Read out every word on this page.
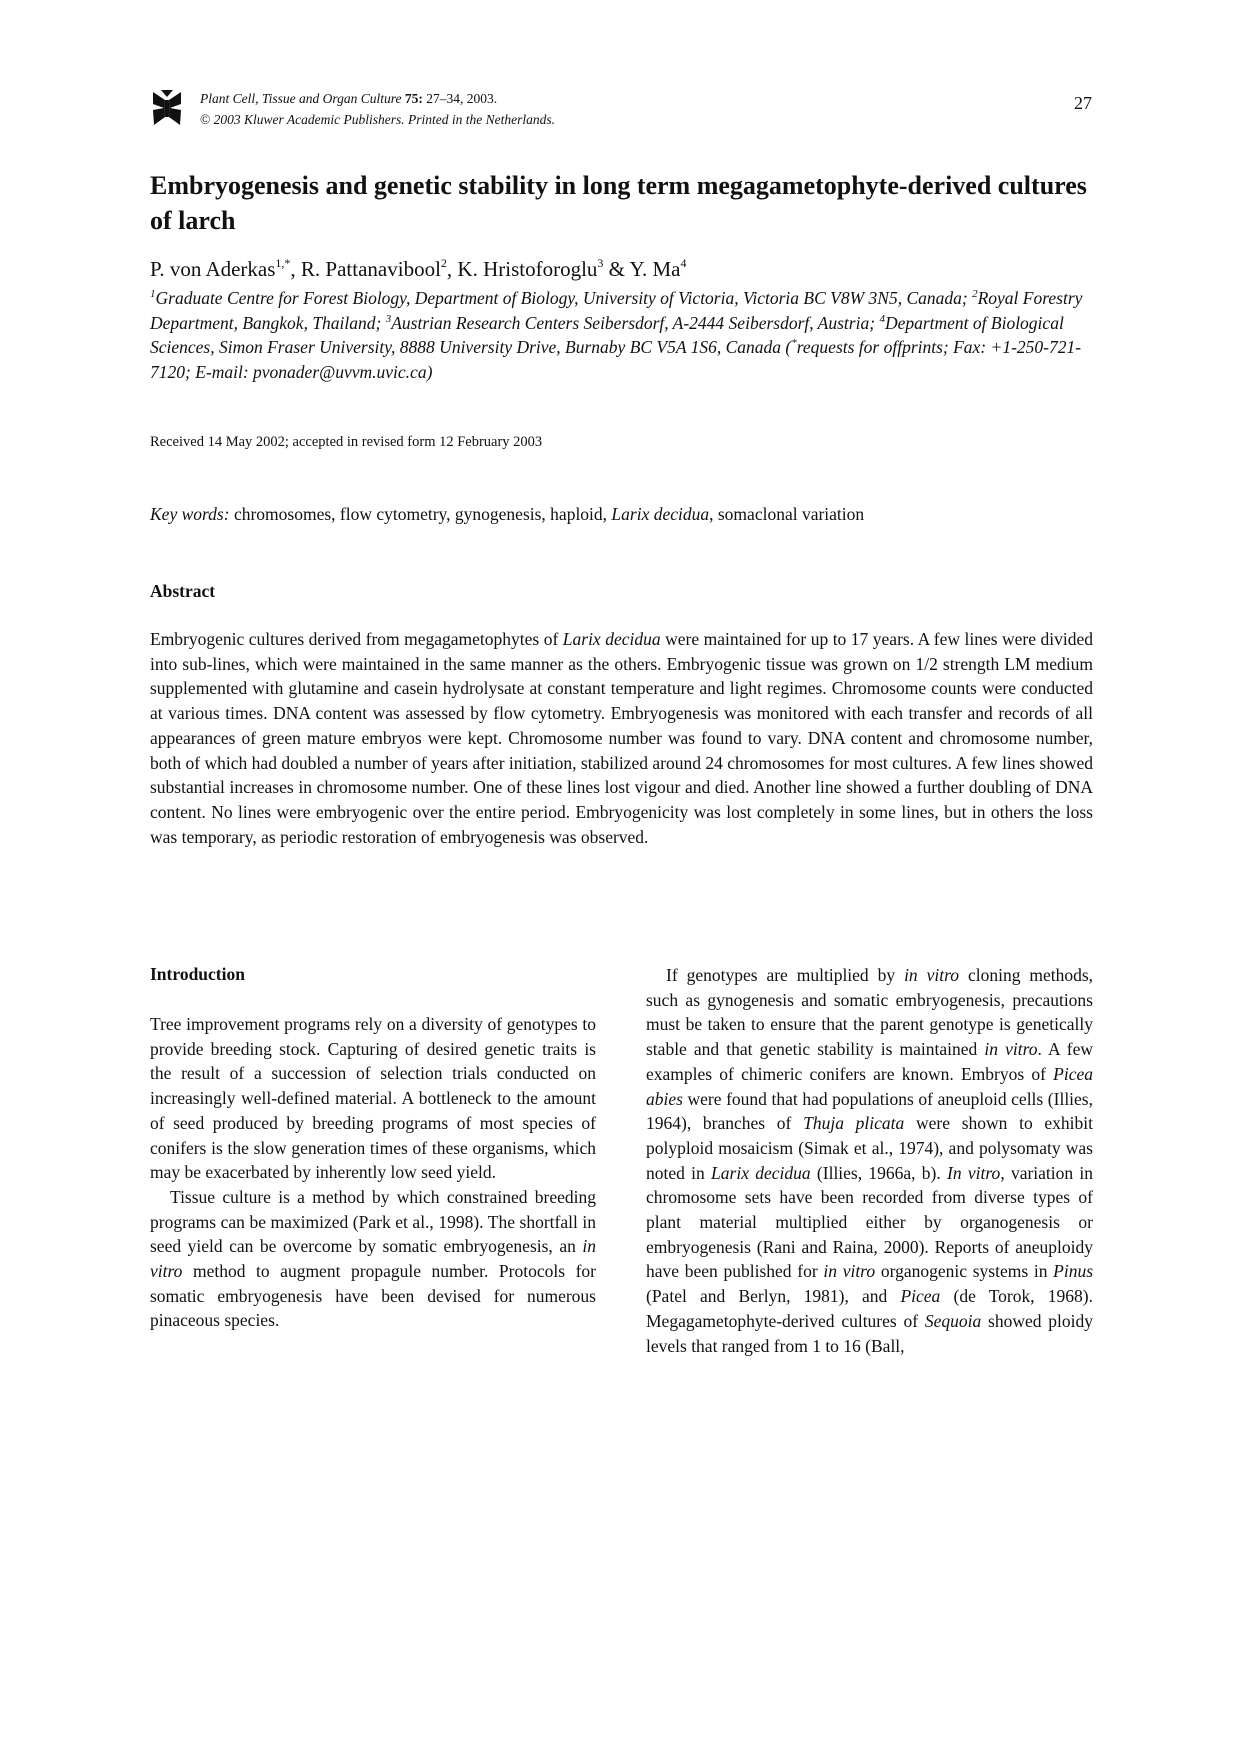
Plant Cell, Tissue and Organ Culture 75: 27–34, 2003.
© 2003 Kluwer Academic Publishers. Printed in the Netherlands.
27
Embryogenesis and genetic stability in long term megagametophyte-derived cultures of larch
P. von Aderkas$^{1,*}$, R. Pattanavibool$^2$, K. Hristoforoglu$^3$ & Y. Ma$^4$
$^1$Graduate Centre for Forest Biology, Department of Biology, University of Victoria, Victoria BC V8W 3N5, Canada; $^2$Royal Forestry Department, Bangkok, Thailand; $^3$Austrian Research Centers Seibersdorf, A-2444 Seibersdorf, Austria; $^4$Department of Biological Sciences, Simon Fraser University, 8888 University Drive, Burnaby BC V5A 1S6, Canada (*requests for offprints; Fax: +1-250-721-7120; E-mail: pvonader@uvvm.uvic.ca)
Received 14 May 2002; accepted in revised form 12 February 2003
Key words: chromosomes, flow cytometry, gynogenesis, haploid, Larix decidua, somaclonal variation
Abstract
Embryogenic cultures derived from megagametophytes of Larix decidua were maintained for up to 17 years. A few lines were divided into sub-lines, which were maintained in the same manner as the others. Embryogenic tissue was grown on 1/2 strength LM medium supplemented with glutamine and casein hydrolysate at constant temperature and light regimes. Chromosome counts were conducted at various times. DNA content was assessed by flow cytometry. Embryogenesis was monitored with each transfer and records of all appearances of green mature embryos were kept. Chromosome number was found to vary. DNA content and chromosome number, both of which had doubled a number of years after initiation, stabilized around 24 chromosomes for most cultures. A few lines showed substantial increases in chromosome number. One of these lines lost vigour and died. Another line showed a further doubling of DNA content. No lines were embryogenic over the entire period. Embryogenicity was lost completely in some lines, but in others the loss was temporary, as periodic restoration of embryogenesis was observed.
Introduction

Tree improvement programs rely on a diversity of genotypes to provide breeding stock. Capturing of desired genetic traits is the result of a succession of selection trials conducted on increasingly well-defined material. A bottleneck to the amount of seed produced by breeding programs of most species of conifers is the slow generation times of these organisms, which may be exacerbated by inherently low seed yield.

Tissue culture is a method by which constrained breeding programs can be maximized (Park et al., 1998). The shortfall in seed yield can be overcome by somatic embryogenesis, an in vitro method to augment propagule number. Protocols for somatic embryogenesis have been devised for numerous pinaceous species.

If genotypes are multiplied by in vitro cloning methods, such as gynogenesis and somatic embryogenesis, precautions must be taken to ensure that the parent genotype is genetically stable and that genetic stability is maintained in vitro. A few examples of chimeric conifers are known. Embryos of Picea abies were found that had populations of aneuploid cells (Illies, 1964), branches of Thuja plicata were shown to exhibit polyploid mosaicism (Simak et al., 1974), and polysomaty was noted in Larix decidua (Illies, 1966a, b). In vitro, variation in chromosome sets have been recorded from diverse types of plant material multiplied either by organogenesis or embryogenesis (Rani and Raina, 2000). Reports of aneuploidy have been published for in vitro organogenic systems in Pinus (Patel and Berlyn, 1981), and Picea (de Torok, 1968). Megagametophyte-derived cultures of Sequoia showed ploidy levels that ranged from 1 to 16 (Ball,
